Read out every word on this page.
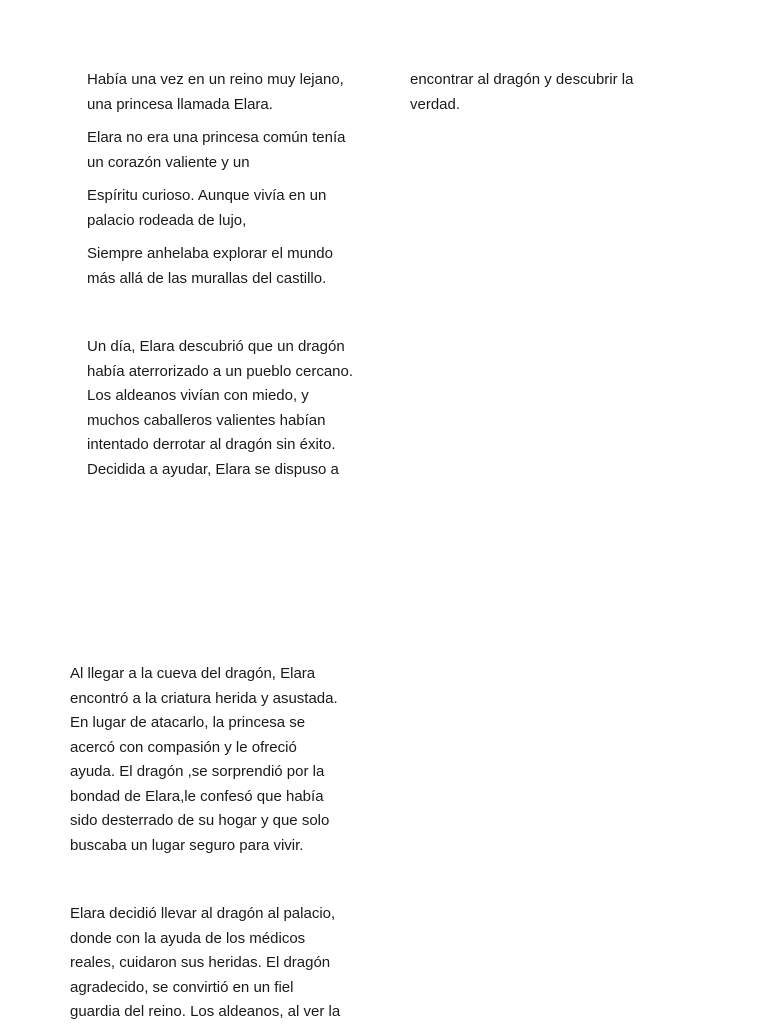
Había una vez en un reino muy lejano,
una princesa llamada Elara.

Elara no era una princesa común tenía
un corazón valiente y un

Espíritu curioso. Aunque vivía en un
palacio rodeada de lujo,

Siempre anhelaba explorar el mundo
más allá de las murallas del castillo.

Un día, Elara descubrió que un dragón
había aterrorizado a un pueblo cercano.
Los aldeanos vivían con miedo, y
muchos caballeros valientes habían
intentado derrotar al dragón sin éxito.
Decidida a ayudar, Elara se dispuso a

encontrar al dragón y descubrir la
verdad.

Al llegar a la cueva del dragón, Elara
encontró a la criatura herida y asustada.
En lugar de atacarlo, la princesa se
acercó con compasión y le ofreció
ayuda. El dragón ,se sorprendió por la
bondad de Elara,le confesó que había
sido desterrado de su hogar y que solo
buscaba un lugar seguro para vivir.

Elara decidió llevar al dragón al palacio,
donde con la ayuda de los médicos
reales, cuidaron sus heridas. El dragón
agradecido, se convirtió en un fiel
guardia del reino. Los aldeanos, al ver la
